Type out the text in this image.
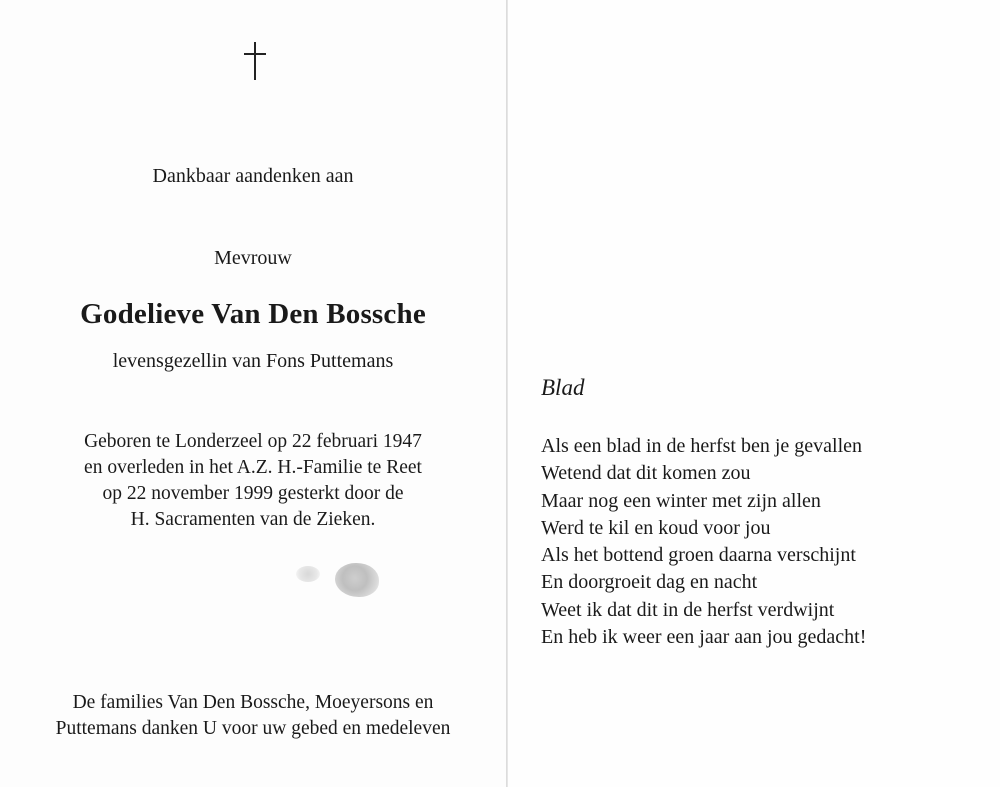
Dankbaar aandenken aan
Mevrouw
Godelieve Van Den Bossche
levensgezellin van Fons Puttemans
Geboren te Londerzeel op 22 februari 1947
en overleden in het A.Z. H.-Familie te Reet
op 22 november 1999 gesterkt door de
H. Sacramenten van de Zieken.
De families Van Den Bossche, Moeyersons en
Puttemans danken U voor uw gebed en medeleven
Blad
Als een blad in de herfst ben je gevallen
Wetend dat dit komen zou
Maar nog een winter met zijn allen
Werd te kil en koud voor jou
Als het bottend groen daarna verschijnt
En doorgroeit dag en nacht
Weet ik dat dit in de herfst verdwijnt
En heb ik weer een jaar aan jou gedacht!
